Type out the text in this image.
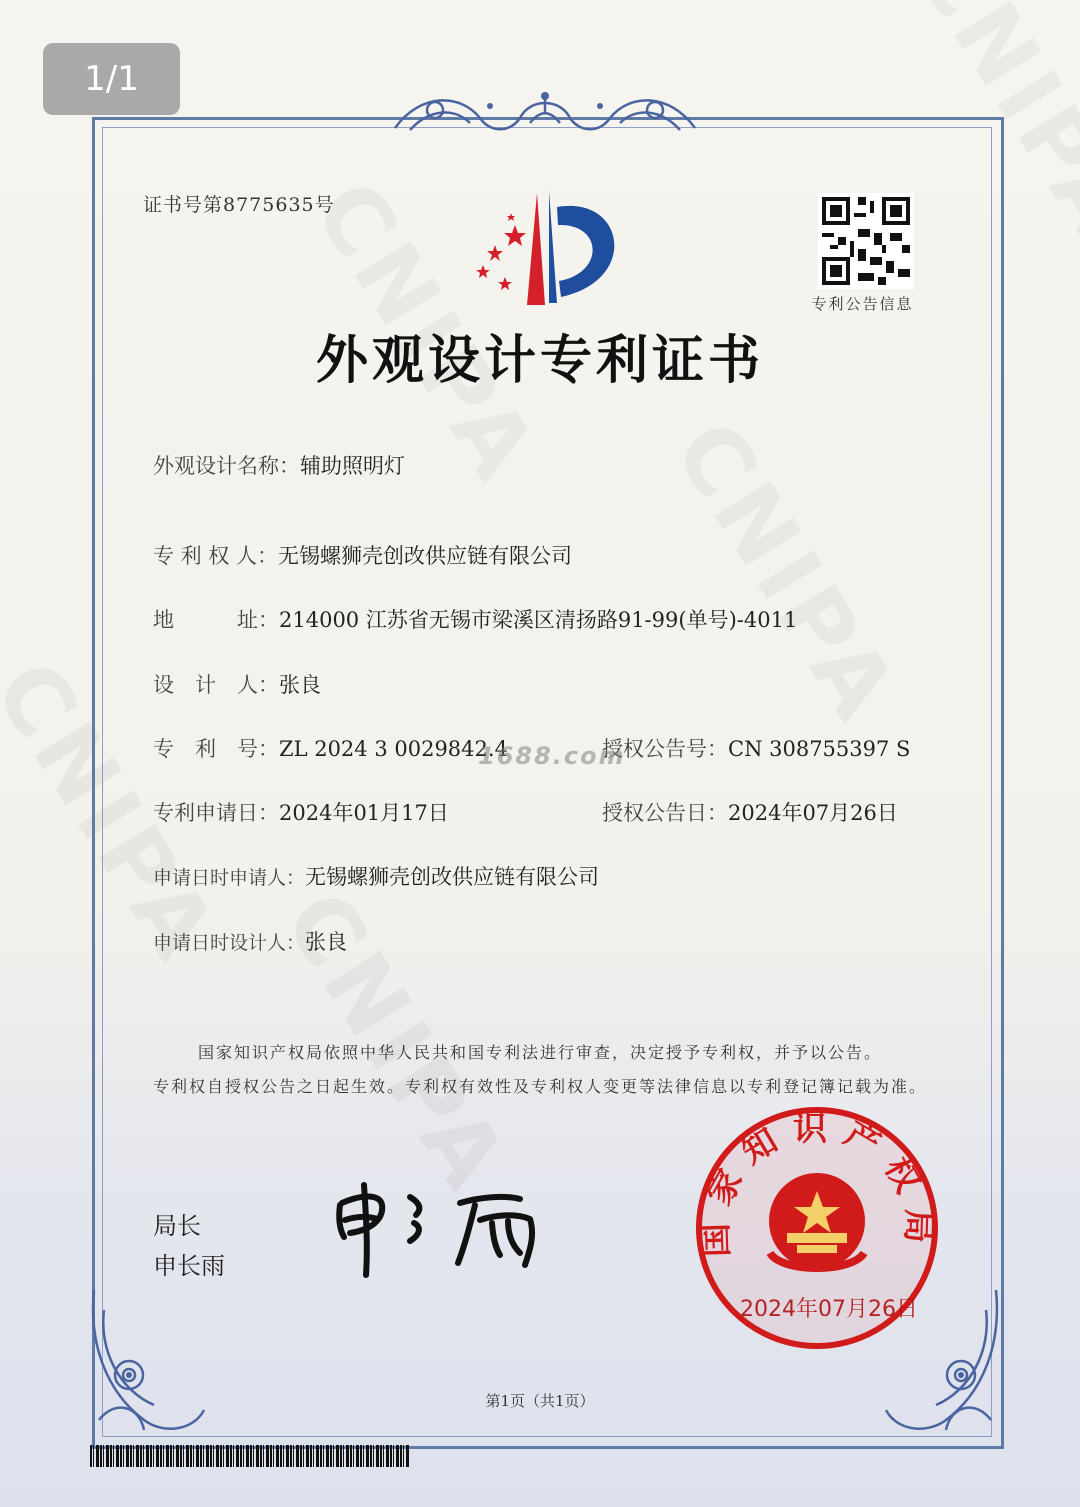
1/1
证书号第8775635号
专利公告信息
外观设计专利证书
外观设计名称：辅助照明灯
专 利 权 人：无锡螺狮壳创改供应链有限公司
地　　　址：214000 江苏省无锡市梁溪区清扬路91-99(单号)-4011
设　计　人：张良
专　利　号：ZL 2024 3 0029842.4	授权公告号：CN 308755397 S
1688.com
专利申请日：2024年01月17日	授权公告日：2024年07月26日
申请日时申请人：无锡螺狮壳创改供应链有限公司
申请日时设计人：张良
国家知识产权局依照中华人民共和国专利法进行审查，决定授予专利权，并予以公告。
专利权自授权公告之日起生效。专利权有效性及专利权人变更等法律信息以专利登记簿记载为准。
局长
申长雨
国家知识产权局
2024年07月26日
第1页（共1页）
